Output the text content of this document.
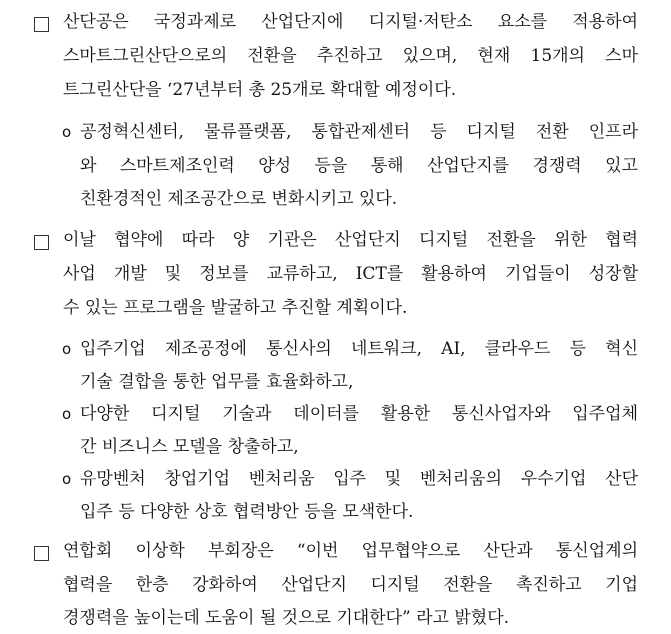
산단공은 국정과제로 산업단지에 디지털·저탄소 요소를 적용하여
스마트그린산단으로의 전환을 추진하고 있으며, 현재 15개의 스마
트그린산단을 ‘27년부터 총 25개로 확대할 예정이다.
o 공정혁신센터, 물류플랫폼, 통합관제센터 등 디지털 전환 인프라
와 스마트제조인력 양성 등을 통해 산업단지를 경쟁력 있고
친환경적인 제조공간으로 변화시키고 있다.
이날 협약에 따라 양 기관은 산업단지 디지털 전환을 위한 협력
사업 개발 및 정보를 교류하고, ICT를 활용하여 기업들이 성장할
수 있는 프로그램을 발굴하고 추진할 계획이다.
o 입주기업 제조공정에 통신사의 네트워크, AI, 클라우드 등 혁신
기술 결합을 통한 업무를 효율화하고,
o 다양한 디지털 기술과 데이터를 활용한 통신사업자와 입주업체
간 비즈니스 모델을 창출하고,
o 유망벤처 창업기업 벤처리움 입주 및 벤처리움의 우수기업 산단
입주 등 다양한 상호 협력방안 등을 모색한다.
연합회 이상학 부회장은 “이번 업무협약으로 산단과 통신업계의
협력을 한층 강화하여 산업단지 디지털 전환을 촉진하고 기업
경쟁력을 높이는데 도움이 될 것으로 기대한다” 라고 밝혔다.
